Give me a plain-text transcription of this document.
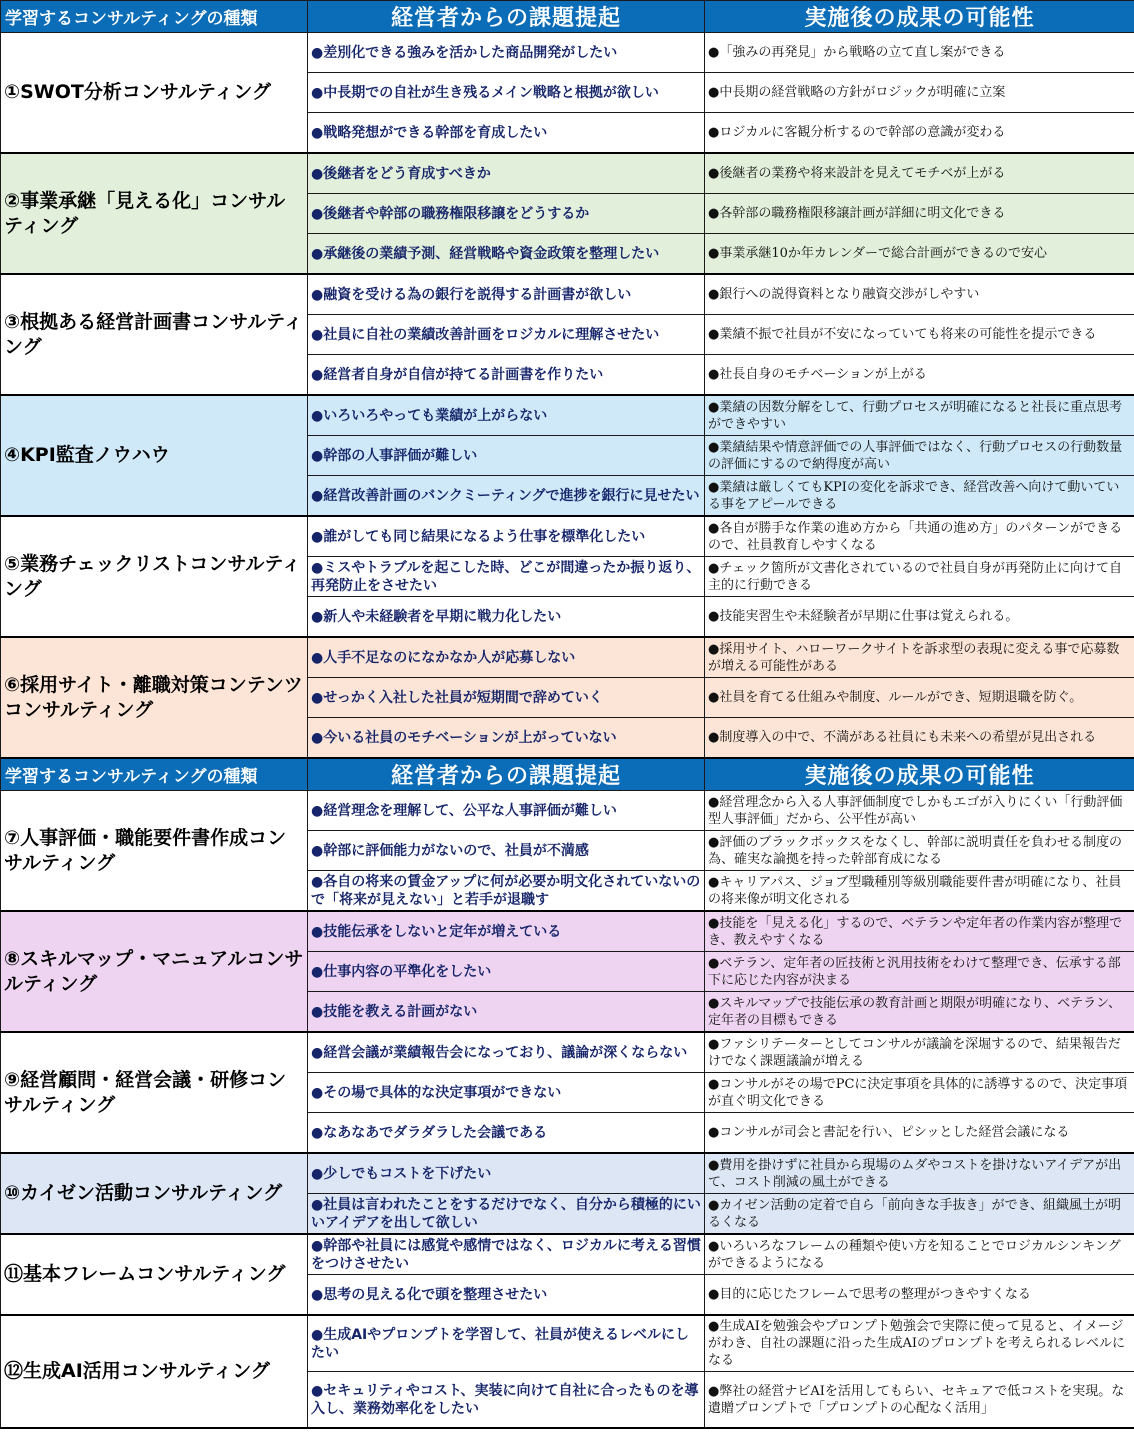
学習するコンサルティングの種類	経営者からの課題提起	実施後の成果の可能性
①SWOT分析コンサルティング	●差別化できる強みを活かした商品開発がしたい	●「強みの再発見」から戦略の立て直し案ができる
	●中長期での自社が生き残るメイン戦略と根拠が欲しい	●中長期の経営戦略の方針がロジックが明確に立案
	●戦略発想ができる幹部を育成したい	●ロジカルに客観分析するので幹部の意識が変わる
②事業承継「見える化」コンサルティング	●後継者をどう育成すべきか	●後継者の業務や将来設計を見えてモチベが上がる
	●後継者や幹部の職務権限移譲をどうするか	●各幹部の職務権限移譲計画が詳細に明文化できる
	●承継後の業績予測、経営戦略や資金政策を整理したい	●事業承継10か年カレンダーで総合計画ができるので安心
③根拠ある経営計画書コンサルティング	●融資を受ける為の銀行を説得する計画書が欲しい	●銀行への説得資料となり融資交渉がしやすい
	●社員に自社の業績改善計画をロジカルに理解させたい	●業績不振で社員が不安になっていても将来の可能性を提示できる
	●経営者自身が自信が持てる計画書を作りたい	●社長自身のモチベーションが上がる
④KPI監査ノウハウ	●いろいろやっても業績が上がらない	●業績の因数分解をして、行動プロセスが明確になると社長に重点思考ができやすい
	●幹部の人事評価が難しい	●業績結果や情意評価での人事評価ではなく、行動プロセスの行動数量の評価にするので納得度が高い
	●経営改善計画のバンクミーティングで進捗を銀行に見せたい	●業績は厳しくてもKPIの変化を訴求でき、経営改善へ向けて動いている事をアピールできる
⑤業務チェックリストコンサルティング	●誰がしても同じ結果になるよう仕事を標準化したい	●各自が勝手な作業の進め方から「共通の進め方」のパターンができるので、社員教育しやすくなる
	●ミスやトラブルを起こした時、どこが間違ったか振り返り、再発防止をさせたい	●チェック箇所が文書化されているので社員自身が再発防止に向けて自主的に行動できる
	●新人や未経験者を早期に戦力化したい	●技能実習生や未経験者が早期に仕事は覚えられる。
⑥採用サイト・離職対策コンテンツコンサルティング	●人手不足なのになかなか人が応募しない	●採用サイト、ハローワークサイトを訴求型の表現に変える事で応募数が増える可能性がある
	●せっかく入社した社員が短期間で辞めていく	●社員を育てる仕組みや制度、ルールができ、短期退職を防ぐ。
	●今いる社員のモチベーションが上がっていない	●制度導入の中で、不満がある社員にも未来への希望が見出される
学習するコンサルティングの種類	経営者からの課題提起	実施後の成果の可能性
⑦人事評価・職能要件書作成コンサルティング	●経営理念を理解して、公平な人事評価が難しい	●経営理念から入る人事評価制度でしかもエゴが入りにくい「行動評価型人事評価」だから、公平性が高い
	●幹部に評価能力がないので、社員が不満感	●評価のブラックボックスをなくし、幹部に説明責任を負わせる制度の為、確実な論拠を持った幹部育成になる
	●各自の将来の賃金アップに何が必要か明文化されていないので「将来が見えない」と若手が退職す	●キャリアパス、ジョブ型職種別等級別職能要件書が明確になり、社員の将来像が明文化される
⑧スキルマップ・マニュアルコンサルティング	●技能伝承をしないと定年が増えている	●技能を「見える化」するので、ベテランや定年者の作業内容が整理でき、教えやすくなる
	●仕事内容の平準化をしたい	●ベテラン、定年者の匠技術と汎用技術をわけて整理でき、伝承する部下に応じた内容が決まる
	●技能を教える計画がない	●スキルマップで技能伝承の教育計画と期限が明確になり、ベテラン、定年者の目標もできる
⑨経営顧問・経営会議・研修コンサルティング	●経営会議が業績報告会になっており、議論が深くならない	●ファシリテーターとしてコンサルが議論を深堀するので、結果報告だけでなく課題議論が増える
	●その場で具体的な決定事項ができない	●コンサルがその場でPCに決定事項を具体的に誘導するので、決定事項が直ぐ明文化できる
	●なあなあでダラダラした会議である	●コンサルが司会と書記を行い、ピシッとした経営会議になる
⑩カイゼン活動コンサルティング	●少しでもコストを下げたい	●費用を掛けずに社員から現場のムダやコストを掛けないアイデアが出て、コスト削減の風土ができる
	●社員は言われたことをするだけでなく、自分から積極的にいいアイデアを出して欲しい	●カイゼン活動の定着で自ら「前向きな手抜き」ができ、組織風土が明るくなる
⑪基本フレームコンサルティング	●幹部や社員には感覚や感情ではなく、ロジカルに考える習慣をつけさせたい	●いろいろなフレームの種類や使い方を知ることでロジカルシンキングができるようになる
	●思考の見える化で頭を整理させたい	●目的に応じたフレームで思考の整理がつきやすくなる
⑫生成AI活用コンサルティング	●生成AIやプロンプトを学習して、社員が使えるレベルにしたい	●生成AIを勉強会やプロンプト勉強会で実際に使って見ると、イメージがわき、自社の課題に沿った生成AIのプロンプトを考えられるレベルになる
	●セキュリティやコスト、実装に向けて自社に合ったものを導入し、業務効率化をしたい	●弊社の経営ナビAIを活用してもらい、セキュアで低コストを実現。な遺贈プロンプトで「プロンプトの心配なく活用」
